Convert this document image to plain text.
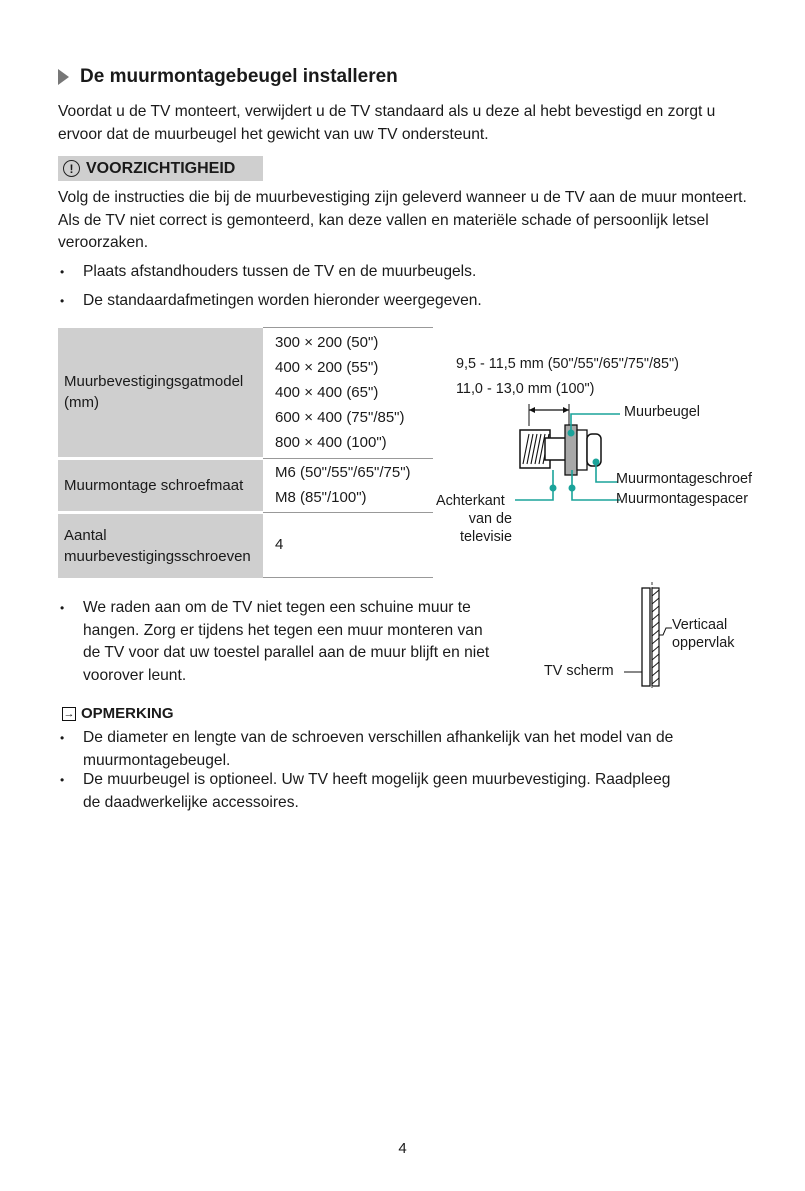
De muurmontagebeugel installeren
Voordat u de TV monteert, verwijdert u de TV standaard als u deze al hebt bevestigd en zorgt u ervoor dat de muurbeugel het gewicht van uw TV ondersteunt.
! VOORZICHTIGHEID
Volg de instructies die bij de muurbevestiging zijn geleverd wanneer u de TV aan de muur monteert. Als de TV niet correct is gemonteerd, kan deze vallen en materiële schade of persoonlijk letsel veroorzaken.
• Plaats afstandhouders tussen de TV en de muurbeugels.
• De standaardafmetingen worden hieronder weergegeven.
Muurbevestigingsgatmodel (mm)	300 × 200 (50")
400 × 200 (55")
400 × 400 (65")
600 × 400 (75"/85")
800 × 400 (100")

Muurmontage schroefmaat	M6 (50"/55"/65"/75")
M8 (85"/100")

Aantal muurbevestigingsschroeven	4
9,5 - 11,5 mm (50"/55"/65"/75"/85")
11,0 - 13,0 mm (100")
Muurbeugel
Muurmontageschroef
Muurmontagespacer
Achterkant
van de
televisie
• We raden aan om de TV niet tegen een schuine muur te
hangen. Zorg er tijdens het tegen een muur monteren van
de TV voor dat uw toestel parallel aan de muur blijft en niet
voorover leunt.
Verticaal
oppervlak
TV scherm
→ OPMERKING
• De diameter en lengte van de schroeven verschillen afhankelijk van het model van de
muurmontagebeugel.
• De muurbeugel is optioneel. Uw TV heeft mogelijk geen muurbevestiging. Raadpleeg
de daadwerkelijke accessoires.
4
